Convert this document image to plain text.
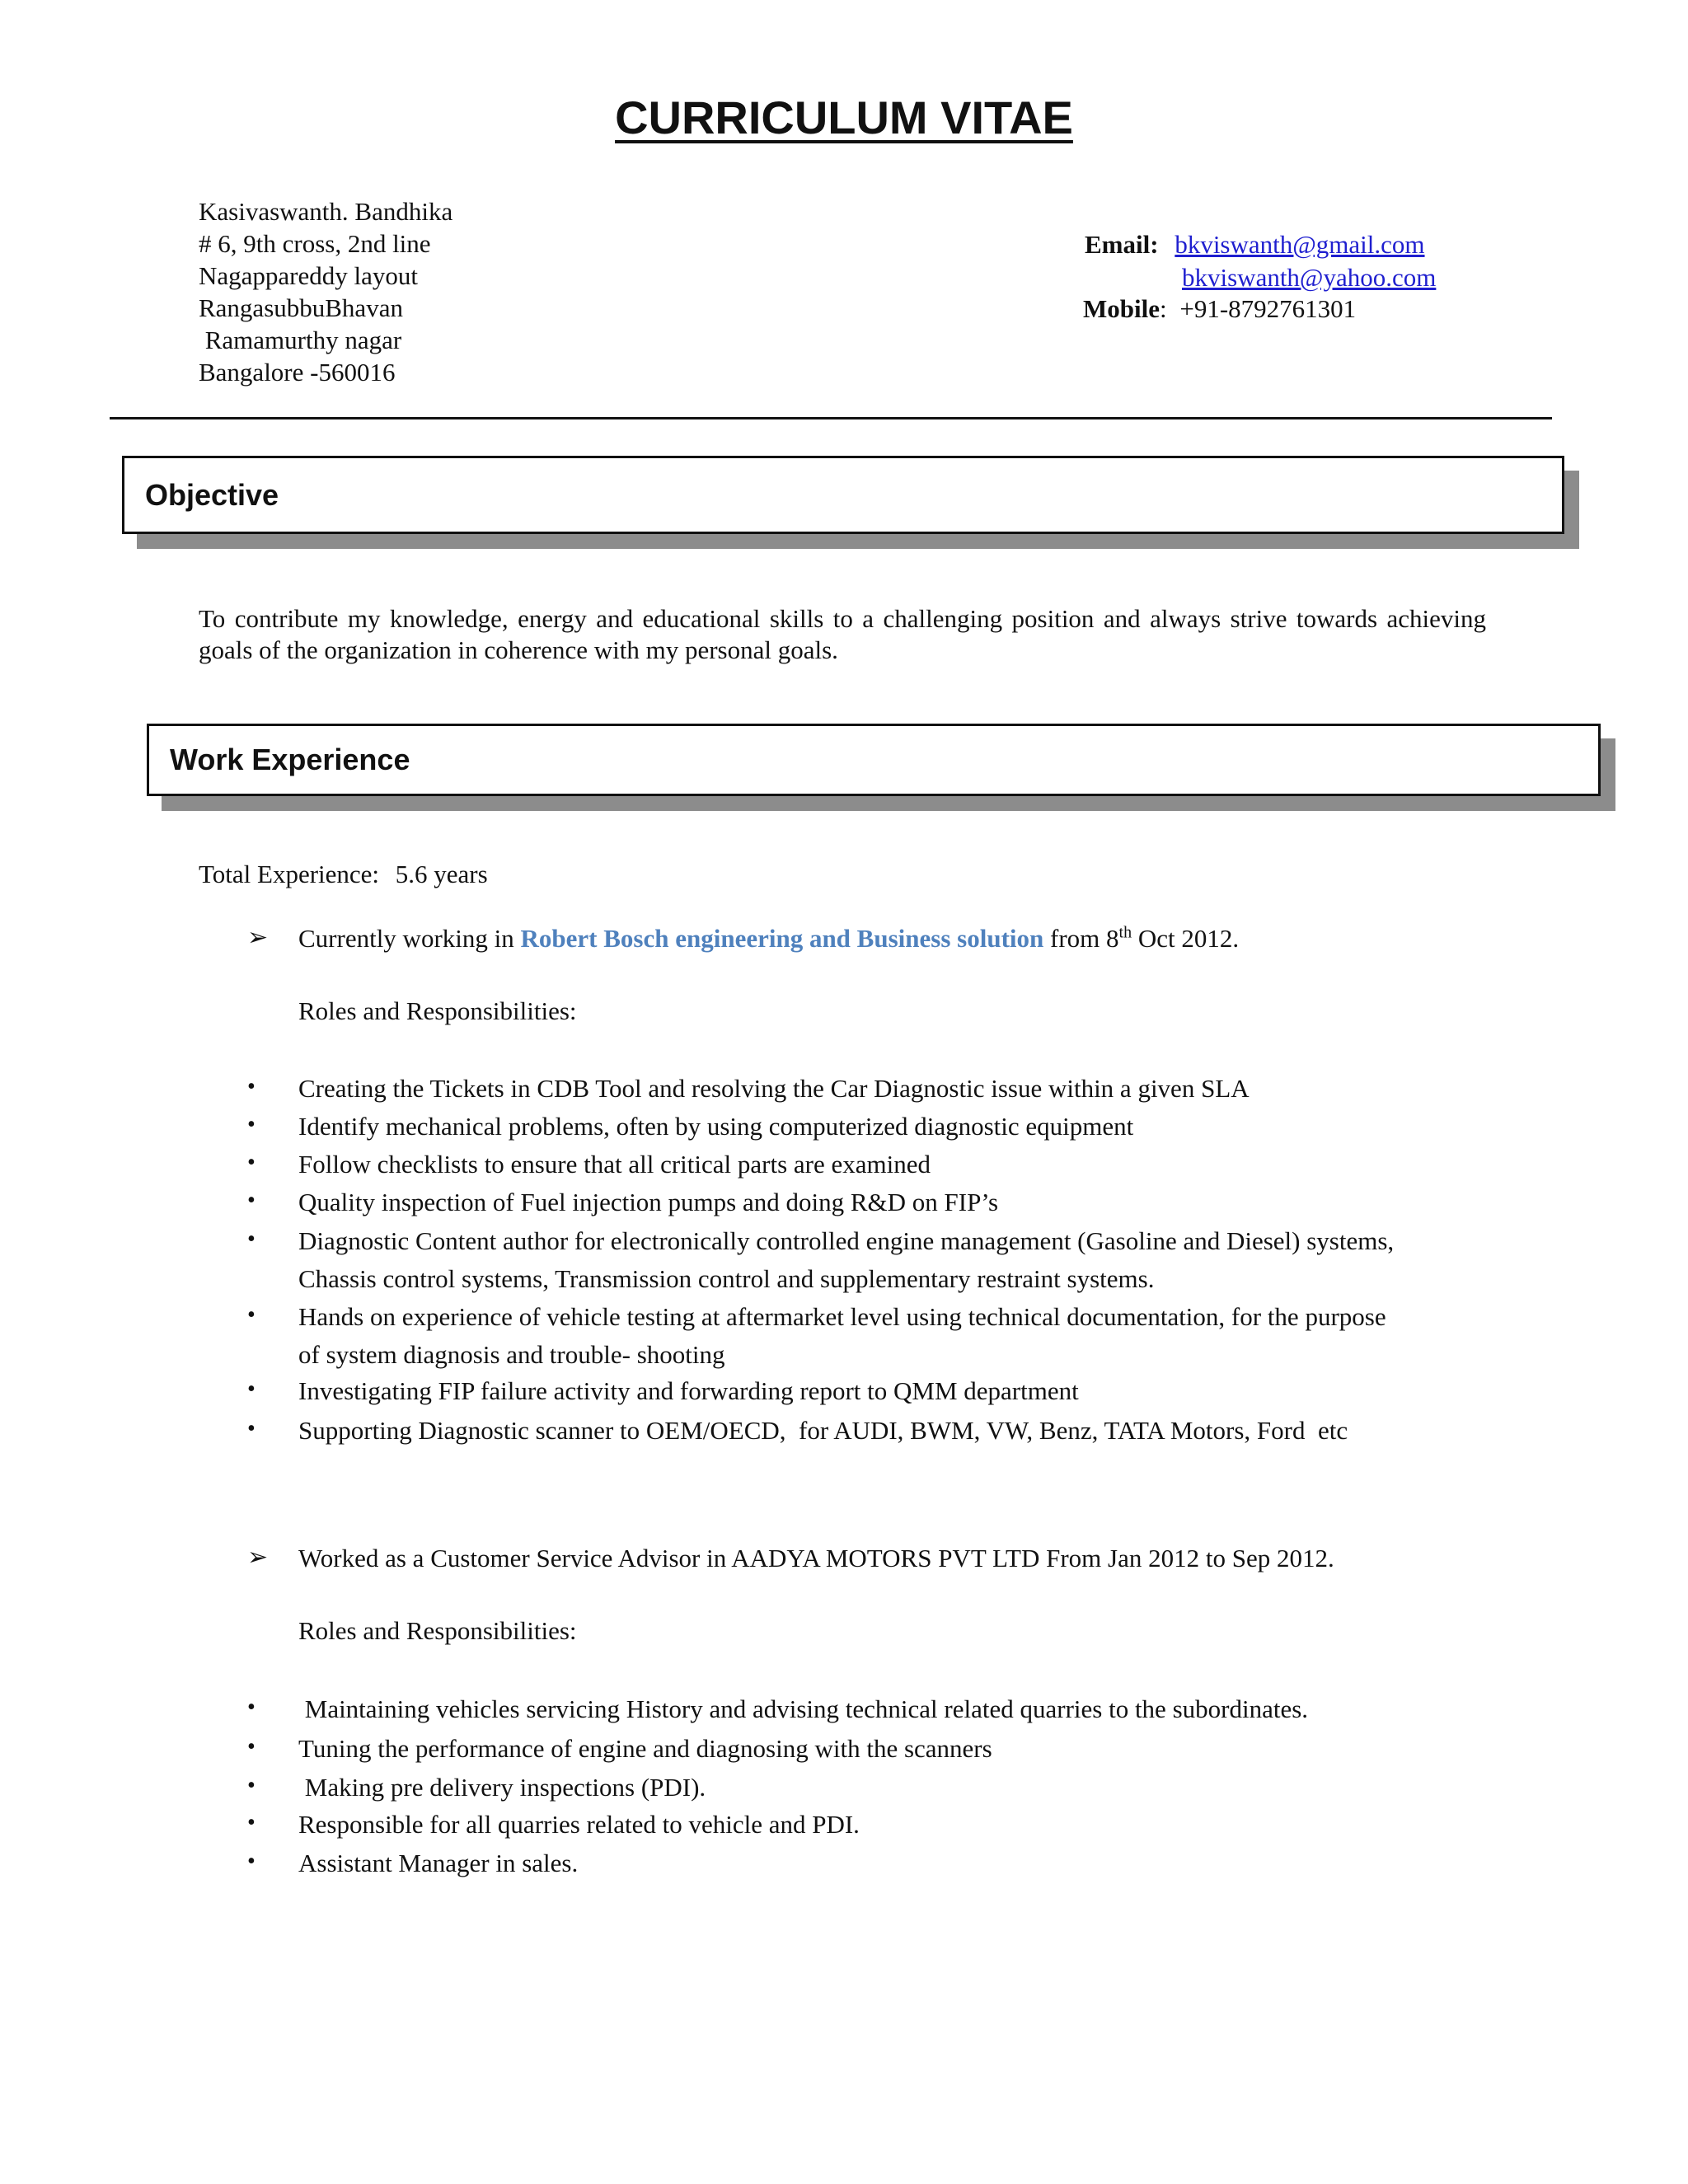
CURRICULUM VITAE
Kasivaswanth. Bandhika
# 6, 9th cross, 2nd line
Nagappareddy layout
RangasubbuBhavan
Ramamurthy nagar
Bangalore -560016
Email: bkviswanth@gmail.com
bkviswanth@yahoo.com
Mobile: +91-8792761301
Objective
To contribute my knowledge, energy and educational skills to a challenging position and always strive towards achieving goals of the organization in coherence with my personal goals.
Work Experience
Total Experience: 5.6 years
➢ Currently working in Robert Bosch engineering and Business solution from 8th Oct 2012.
Roles and Responsibilities:
• Creating the Tickets in CDB Tool and resolving the Car Diagnostic issue within a given SLA
• Identify mechanical problems, often by using computerized diagnostic equipment
• Follow checklists to ensure that all critical parts are examined
• Quality inspection of Fuel injection pumps and doing R&D on FIP’s
• Diagnostic Content author for electronically controlled engine management (Gasoline and Diesel) systems,
Chassis control systems, Transmission control and supplementary restraint systems.
• Hands on experience of vehicle testing at aftermarket level using technical documentation, for the purpose
of system diagnosis and trouble- shooting
• Investigating FIP failure activity and forwarding report to QMM department
• Supporting Diagnostic scanner to OEM/OECD,  for AUDI, BWM, VW, Benz, TATA Motors, Ford  etc
➢ Worked as a Customer Service Advisor in AADYA MOTORS PVT LTD From Jan 2012 to Sep 2012.
Roles and Responsibilities:
• Maintaining vehicles servicing History and advising technical related quarries to the subordinates.
• Tuning the performance of engine and diagnosing with the scanners
• Making pre delivery inspections (PDI).
• Responsible for all quarries related to vehicle and PDI.
• Assistant Manager in sales.
